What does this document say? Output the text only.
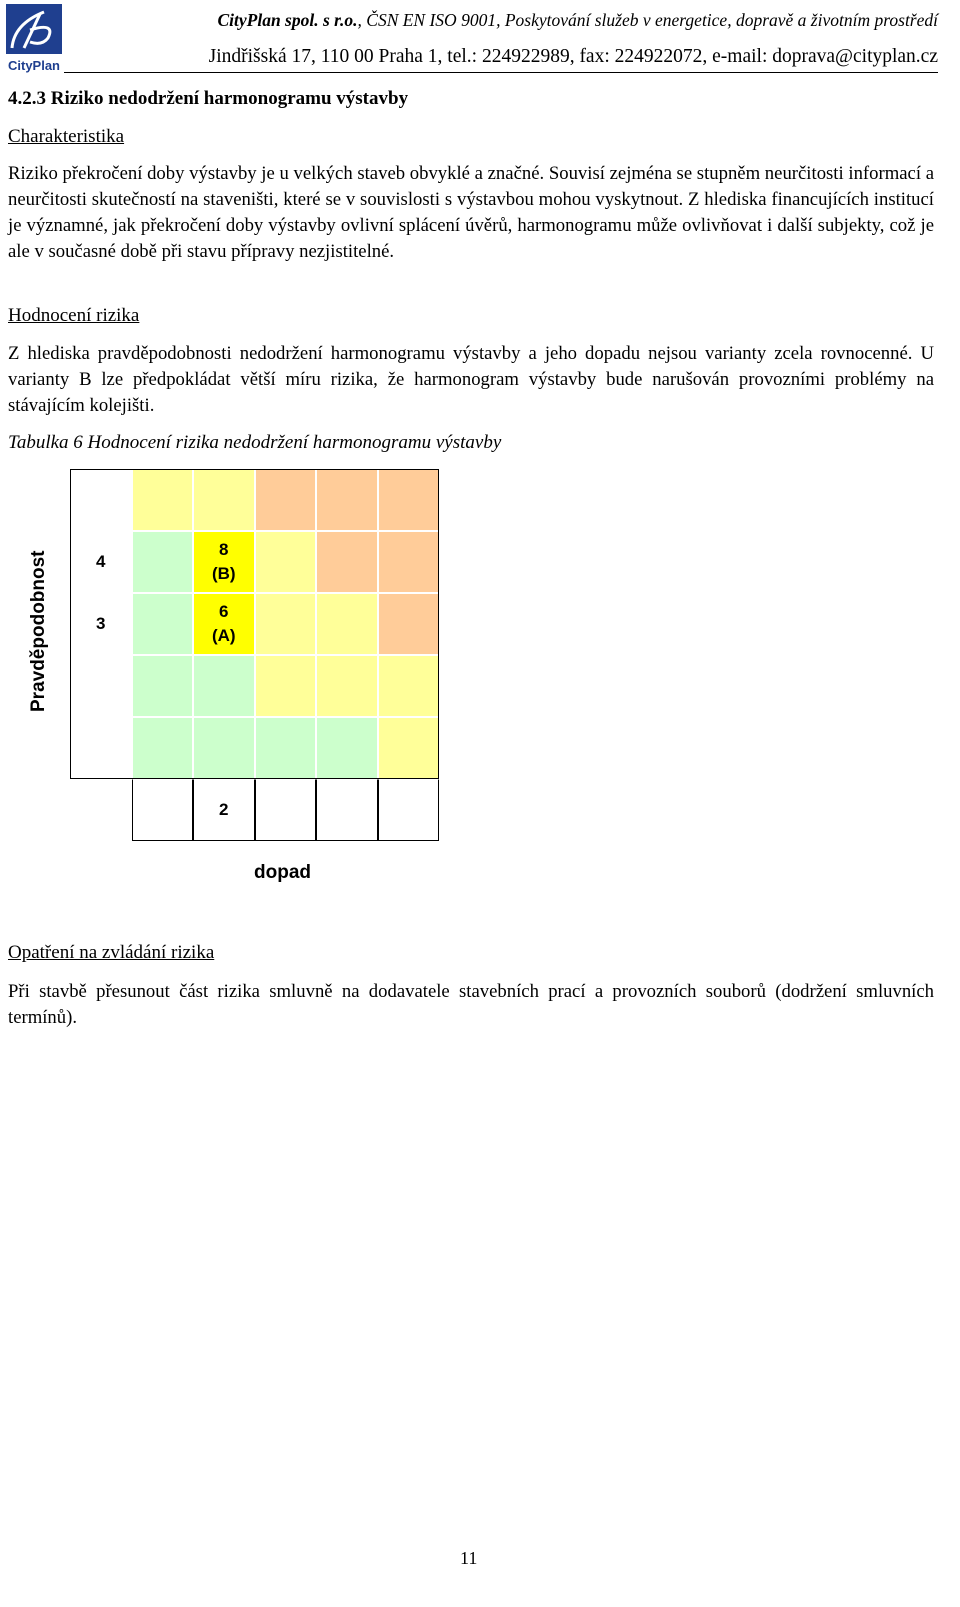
CityPlan
CityPlan spol. s r.o., ČSN EN ISO 9001, Poskytování služeb v energetice, dopravě a životním prostředí
Jindřišská 17, 110 00 Praha 1, tel.: 224922989, fax: 224922072, e-mail: doprava@cityplan.cz
4.2.3 Riziko nedodržení harmonogramu výstavby
Charakteristika
Riziko překročení doby výstavby je u velkých staveb obvyklé a značné. Souvisí zejména se stupněm neurčitosti informací a neurčitosti skutečností na staveništi, které se v souvislosti s výstavbou mohou vyskytnout. Z hlediska financujících institucí je významné, jak překročení doby výstavby ovlivní splácení úvěrů, harmonogramu může ovlivňovat i další subjekty, což je ale v současné době při stavu přípravy nezjistitelné.
Hodnocení rizika
Z hlediska pravděpodobnosti nedodržení harmonogramu výstavby a jeho dopadu nejsou varianty zcela rovnocenné. U varianty B lze předpokládat větší míru rizika, že harmonogram výstavby bude narušován provozními problémy na stávajícím kolejišti.
Tabulka 6 Hodnocení rizika nedodržení harmonogramu výstavby
4
3
8
(B)
6
(A)
2
Pravděpodobnost
dopad
Opatření na zvládání rizika
Při stavbě přesunout část rizika smluvně na dodavatele stavebních prací a provozních souborů (dodržení smluvních termínů).
11
